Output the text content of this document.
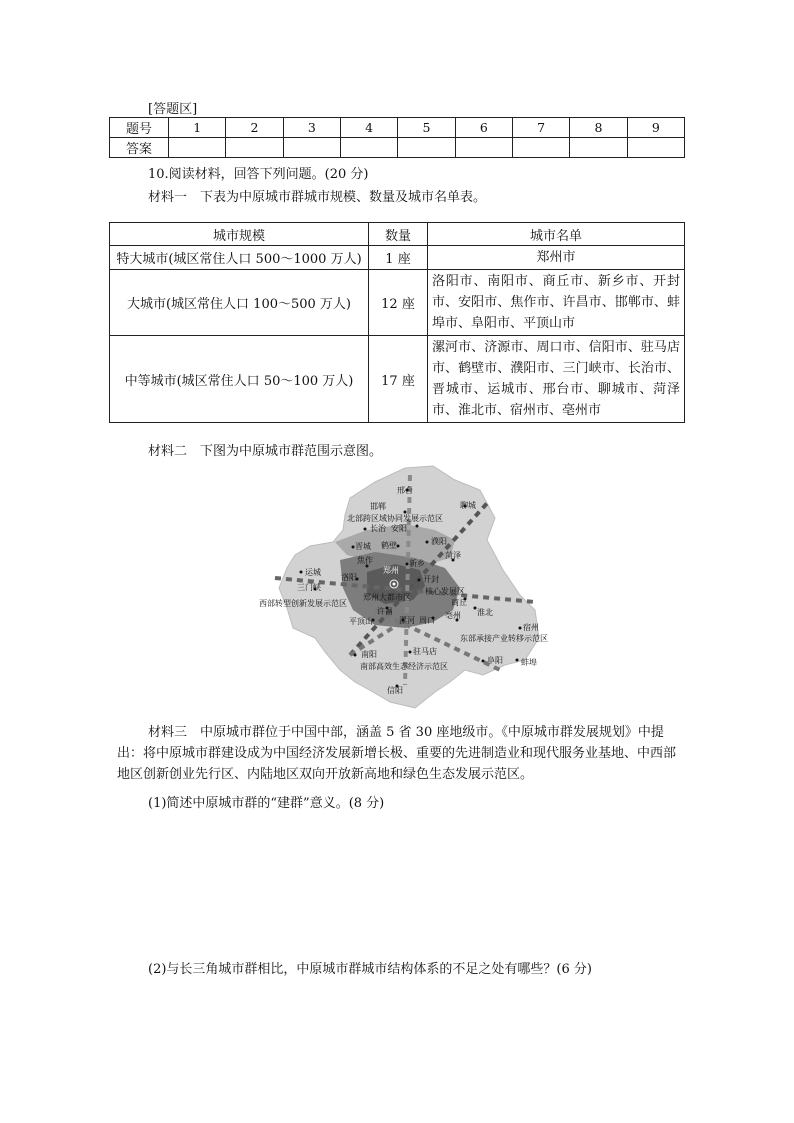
[答题区]
题号	1	2	3	4	5	6	7	8	9
答案									
10.阅读材料，回答下列问题。(20 分)
材料一　下表为中原城市群城市规模、数量及城市名单表。
城市规模	数量	城市名单
特大城市(城区常住人口 500～1000 万人)	1 座	郑州市
大城市(城区常住人口 100～500 万人)	12 座	洛阳市、南阳市、商丘市、新乡市、开封市、安阳市、焦作市、许昌市、邯郸市、蚌埠市、阜阳市、平顶山市
中等城市(城区常住人口 50～100 万人)	17 座	漯河市、济源市、周口市、信阳市、驻马店市、鹤壁市、濮阳市、三门峡市、长治市、晋城市、运城市、邢台市、聊城市、菏泽市、淮北市、宿州市、亳州市
材料二　下图为中原城市群范围示意图。
邢台
邯郸	聊城
长治 安阳
晋城 鹤壁	濮阳
菏泽
焦作	新乡
运城
洛阳
郑州
开封
三门峡
许昌
商丘
平顶山	漯河 周口
亳州 淮北
宿州
南阳	驻马店
阜阳 蚌埠
信阳
北部跨区域协同发展示范区
郑州大都市区
核心发展区
西部转型创新发展示范区
东部承接产业转移示范区
南部高效生态经济示范区
材料三　中原城市群位于中国中部，涵盖 5 省 30 座地级市。《中原城市群发展规划》中提出：将中原城市群建设成为中国经济发展新增长极、重要的先进制造业和现代服务业基地、中西部地区创新创业先行区、内陆地区双向开放新高地和绿色生态发展示范区。
(1)简述中原城市群的“建群”意义。(8 分)
(2)与长三角城市群相比，中原城市群城市结构体系的不足之处有哪些？(6 分)
